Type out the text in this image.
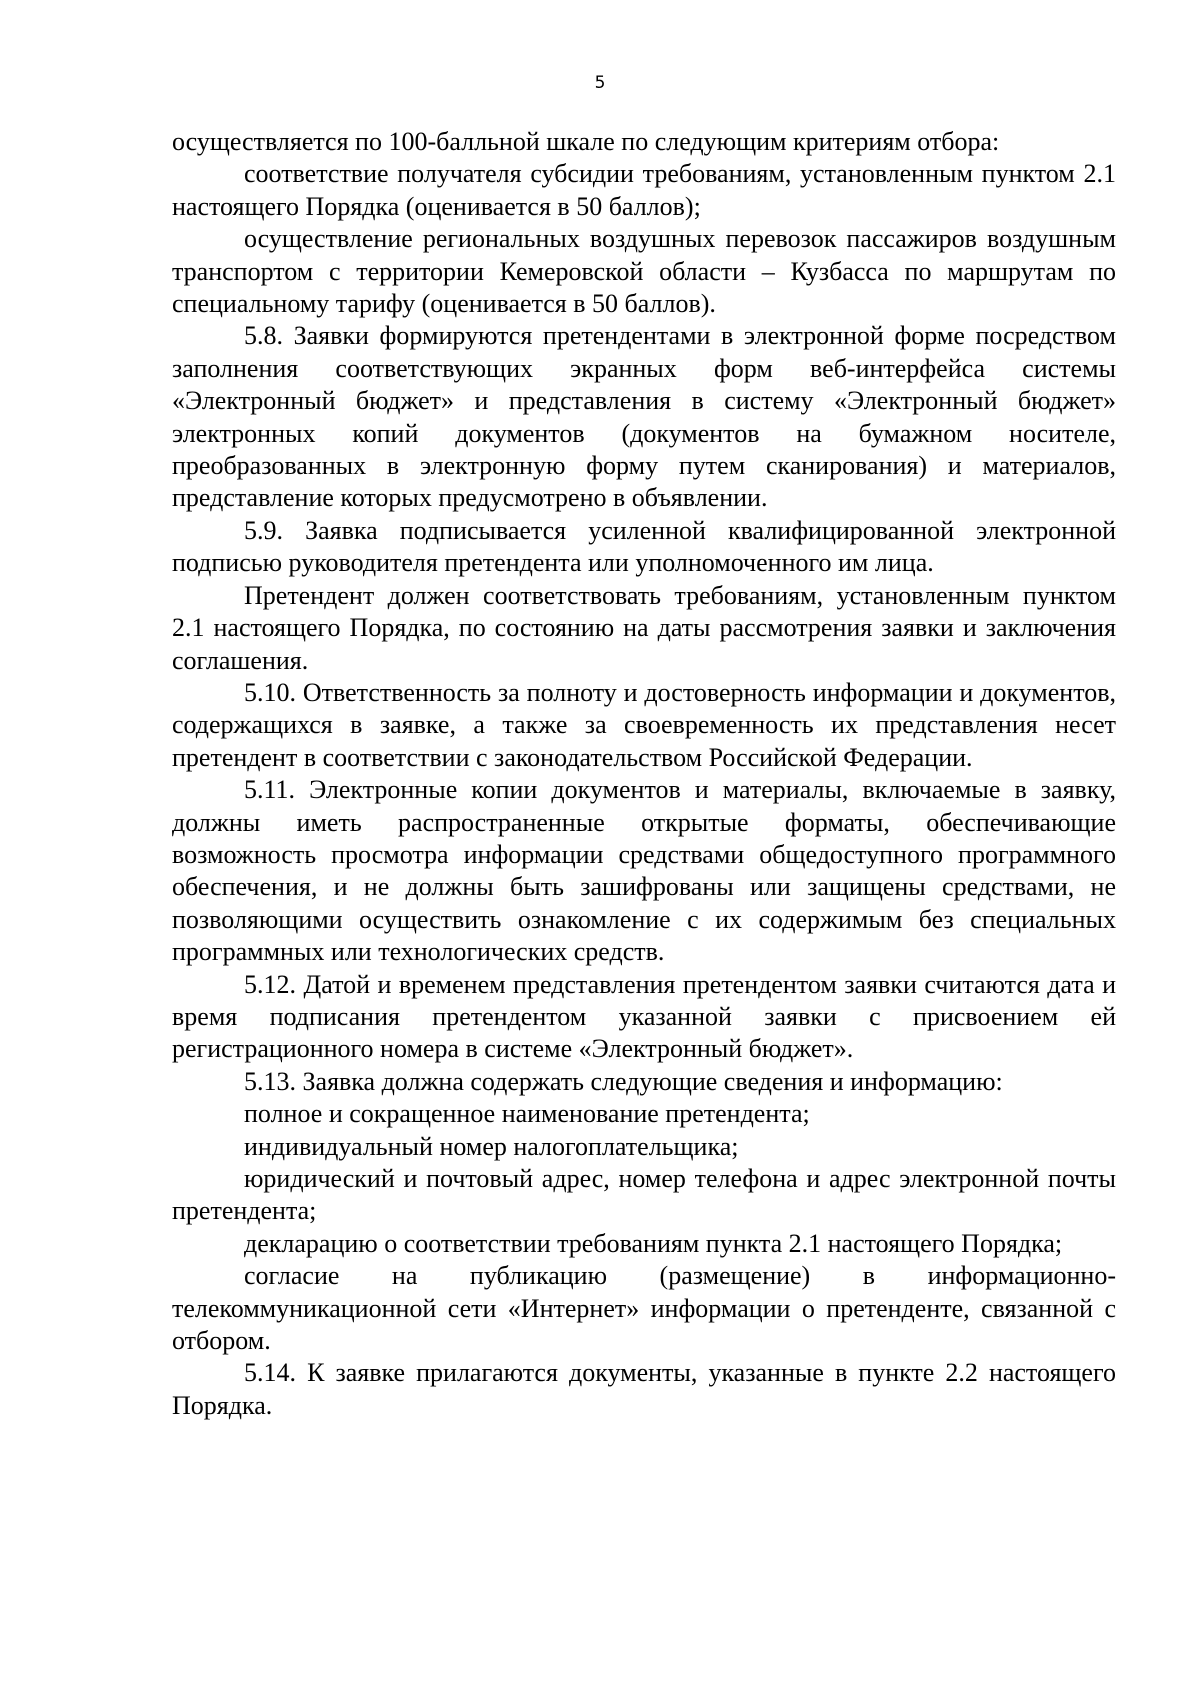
5

осуществляется по 100-балльной шкале по следующим критериям отбора:

соответствие получателя субсидии требованиям, установленным пунктом 2.1 настоящего Порядка (оценивается в 50 баллов);

осуществление региональных воздушных перевозок пассажиров воздушным транспортом с территории Кемеровской области – Кузбасса по маршрутам по специальному тарифу (оценивается в 50 баллов).

5.8. Заявки формируются претендентами в электронной форме посредством заполнения соответствующих экранных форм веб-интерфейса системы «Электронный бюджет» и представления в систему «Электронный бюджет» электронных копий документов (документов на бумажном носителе, преобразованных в электронную форму путем сканирования) и материалов, представление которых предусмотрено в объявлении.

5.9. Заявка подписывается усиленной квалифицированной электронной подписью руководителя претендента или уполномоченного им лица.

Претендент должен соответствовать требованиям, установленным пунктом 2.1 настоящего Порядка, по состоянию на даты рассмотрения заявки и заключения соглашения.

5.10. Ответственность за полноту и достоверность информации и документов, содержащихся в заявке, а также за своевременность их представления несет претендент в соответствии с законодательством Российской Федерации.

5.11. Электронные копии документов и материалы, включаемые в заявку, должны иметь распространенные открытые форматы, обеспечивающие возможность просмотра информации средствами общедоступного программного обеспечения, и не должны быть зашифрованы или защищены средствами, не позволяющими осуществить ознакомление с их содержимым без специальных программных или технологических средств.

5.12. Датой и временем представления претендентом заявки считаются дата и время подписания претендентом указанной заявки с присвоением ей регистрационного номера в системе «Электронный бюджет».

5.13. Заявка должна содержать следующие сведения и информацию:

полное и сокращенное наименование претендента;

индивидуальный номер налогоплательщика;

юридический и почтовый адрес, номер телефона и адрес электронной почты претендента;

декларацию о соответствии требованиям пункта 2.1 настоящего Порядка;

согласие на публикацию (размещение) в информационно-телекоммуникационной сети «Интернет» информации о претенденте, связанной с отбором.

5.14. К заявке прилагаются документы, указанные в пункте 2.2 настоящего Порядка.
